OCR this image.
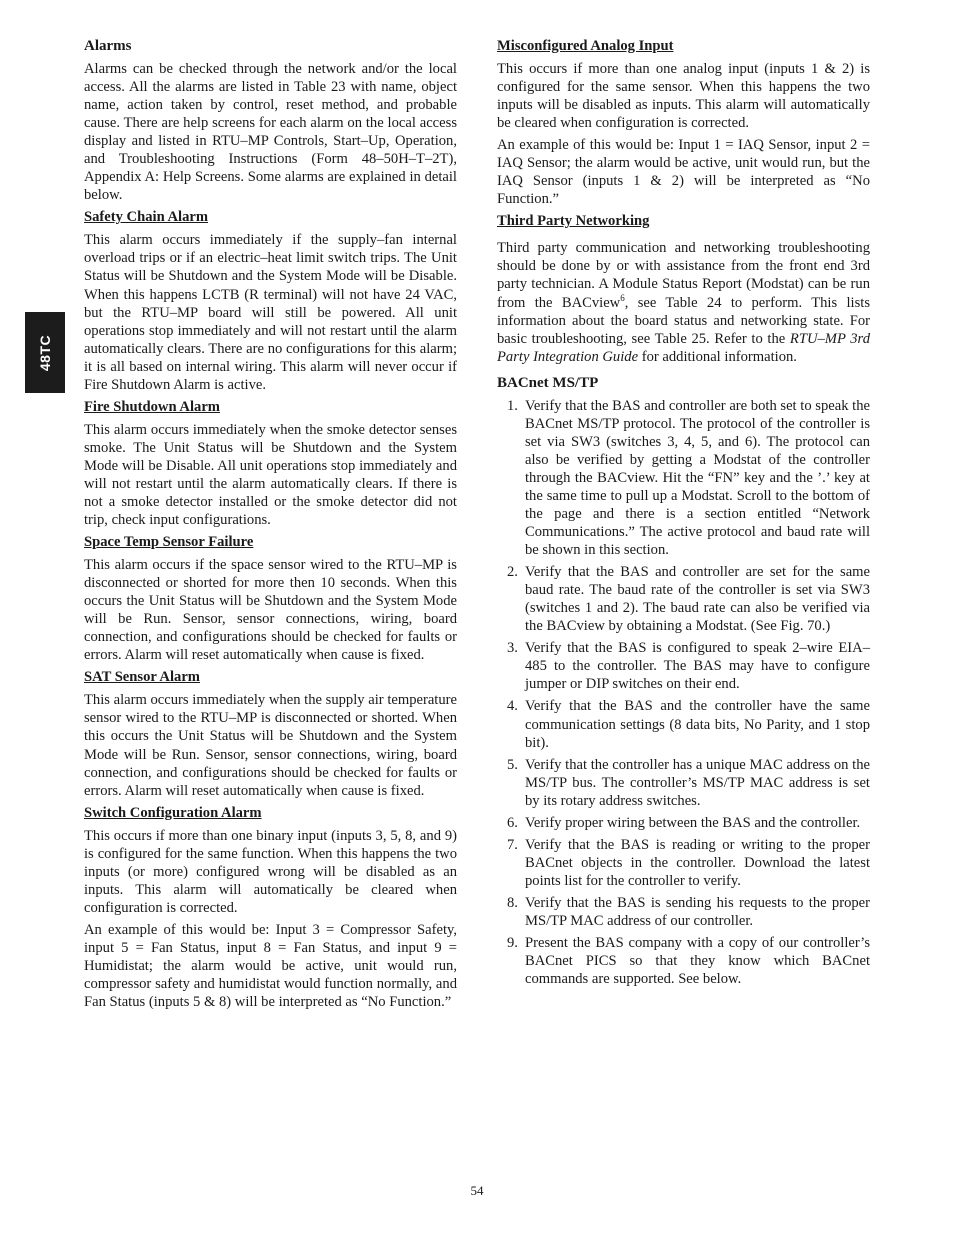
48TC
Alarms

Alarms can be checked through the network and/or the local access. All the alarms are listed in Table 23 with name, object name, action taken by control, reset method, and probable cause. There are help screens for each alarm on the local access display and listed in RTU–MP Controls, Start–Up, Operation, and Troubleshooting Instructions (Form 48–50H–T–2T), Appendix A: Help Screens. Some alarms are explained in detail below.

Safety Chain Alarm

This alarm occurs immediately if the supply–fan internal overload trips or if an electric–heat limit switch trips. The Unit Status will be Shutdown and the System Mode will be Disable. When this happens LCTB (R terminal) will not have 24 VAC, but the RTU–MP board will still be powered. All unit operations stop immediately and will not restart until the alarm automatically clears. There are no configurations for this alarm; it is all based on internal wiring. This alarm will never occur if Fire Shutdown Alarm is active.

Fire Shutdown Alarm

This alarm occurs immediately when the smoke detector senses smoke. The Unit Status will be Shutdown and the System Mode will be Disable. All unit operations stop immediately and will not restart until the alarm automatically clears. If there is not a smoke detector installed or the smoke detector did not trip, check input configurations.

Space Temp Sensor Failure

This alarm occurs if the space sensor wired to the RTU–MP is disconnected or shorted for more then 10 seconds. When this occurs the Unit Status will be Shutdown and the System Mode will be Run. Sensor, sensor connections, wiring, board connection, and configurations should be checked for faults or errors. Alarm will reset automatically when cause is fixed.

SAT Sensor Alarm

This alarm occurs immediately when the supply air temperature sensor wired to the RTU–MP is disconnected or shorted. When this occurs the Unit Status will be Shutdown and the System Mode will be Run. Sensor, sensor connections, wiring, board connection, and configurations should be checked for faults or errors. Alarm will reset automatically when cause is fixed.

Switch Configuration Alarm

This occurs if more than one binary input (inputs 3, 5, 8, and 9) is configured for the same function. When this happens the two inputs (or more) configured wrong will be disabled as an inputs. This alarm will automatically be cleared when configuration is corrected.

An example of this would be: Input 3 = Compressor Safety, input 5 = Fan Status, input 8 = Fan Status, and input 9 = Humidistat; the alarm would be active, unit would run, compressor safety and humidistat would function normally, and Fan Status (inputs 5 & 8) will be interpreted as “No Function.”

Misconfigured Analog Input

This occurs if more than one analog input (inputs 1 & 2) is configured for the same sensor. When this happens the two inputs will be disabled as inputs. This alarm will automatically be cleared when configuration is corrected.

An example of this would be: Input 1 = IAQ Sensor, input 2 = IAQ Sensor; the alarm would be active, unit would run, but the IAQ Sensor (inputs 1 & 2) will be interpreted as “No Function.”

Third Party Networking

Third party communication and networking troubleshooting should be done by or with assistance from the front end 3rd party technician. A Module Status Report (Modstat) can be run from the BACview$^6$, see Table 24 to perform. This lists information about the board status and networking state. For basic troubleshooting, see Table 25. Refer to the RTU–MP 3rd Party Integration Guide for additional information.

BACnet MS/TP
1. Verify that the BAS and controller are both set to speak the BACnet MS/TP protocol. The protocol of the controller is set via SW3 (switches 3, 4, 5, and 6). The protocol can also be verified by getting a Modstat of the controller through the BACview. Hit the “FN” key and the ’.’ key at the same time to pull up a Modstat. Scroll to the bottom of the page and there is a section entitled “Network Communications.” The active protocol and baud rate will be shown in this section.
2. Verify that the BAS and controller are set for the same baud rate. The baud rate of the controller is set via SW3 (switches 1 and 2). The baud rate can also be verified via the BACview by obtaining a Modstat. (See Fig. 70.)
3. Verify that the BAS is configured to speak 2–wire EIA–485 to the controller. The BAS may have to configure jumper or DIP switches on their end.
4. Verify that the BAS and the controller have the same communication settings (8 data bits, No Parity, and 1 stop bit).
5. Verify that the controller has a unique MAC address on the MS/TP bus. The controller’s MS/TP MAC address is set by its rotary address switches.
6. Verify proper wiring between the BAS and the controller.
7. Verify that the BAS is reading or writing to the proper BACnet objects in the controller. Download the latest points list for the controller to verify.
8. Verify that the BAS is sending his requests to the proper MS/TP MAC address of our controller.
9. Present the BAS company with a copy of our controller’s BACnet PICS so that they know which BACnet commands are supported. See below.
54
